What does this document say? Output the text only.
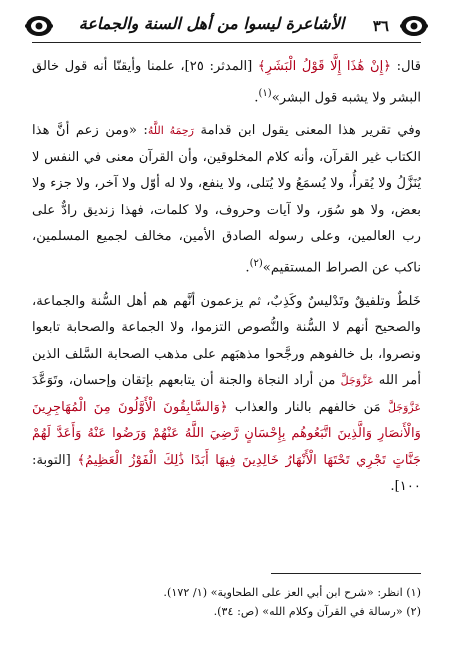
٣٦
الأشاعرة ليسوا من أهل السنة والجماعة

قال: ﴿إِنْ هَٰذَا إِلَّا قَوْلُ الْبَشَرِ﴾ [المدثر: ٢٥]، علمنا وأيقنّا أنه قول خالق البشر ولا يشبه قول البشر»$^{(١)}$.

وفي تقرير هذا المعنى يقول ابن قدامة رَحِمَهُ اللَّهُ: «ومن زعم أنَّ هذا الكتاب غير القرآن، وأنه كلام المخلوقين، وأن القرآن معنى في النفس لا يُنَزَّلُ ولا يُقرأُ، ولا يُسمَعُ ولا يُتلى، ولا ينفع، ولا له أوّل ولا آخر، ولا جزء ولا بعض، ولا هو سُوَر، ولا آيات وحروف، ولا كلمات، فهذا زنديق رادٌّ على رب العالمين، وعلى رسوله الصادق الأمين، مخالف لجميع المسلمين، ناكب عن الصراط المستقيم»$^{(٢)}$.

خَلطٌ وتلفيقٌ وتَدْليسٌ وكَذِبٌ، ثم يزعمون أنَّهم هم أهل السُّنة والجماعة، والصحيح أنهم لا السُّنة والنُّصوص التزموا، ولا الجماعة والصحابة تابعوا ونصروا، بل خالفوهم ورجَّحوا مذهبَهم على مذهب الصحابة السَّلف الذين أمر الله عَزَّوَجَلَّ من أراد النجاة والجنة أن يتابعهم بإتقان وإحسان، وتَوَعَّدَ عَزَّوَجَلَّ مَن خالفهم بالنار والعذاب ﴿وَالسَّابِقُونَ الْأَوَّلُونَ مِنَ الْمُهَاجِرِينَ وَالْأَنصَارِ وَالَّذِينَ اتَّبَعُوهُم بِإِحْسَانٍ رَّضِيَ اللَّهُ عَنْهُمْ وَرَضُوا عَنْهُ وَأَعَدَّ لَهُمْ جَنَّاتٍ تَجْرِي تَحْتَهَا الْأَنْهَارُ خَالِدِينَ فِيهَا أَبَدًا ذَٰلِكَ الْفَوْزُ الْعَظِيمُ﴾ [التوبة: ١٠٠].

(١) انظر: «شرح ابن أبي العز على الطحاوية» (١/ ١٧٢).

(٢) «رسالة في القرآن وكلام الله» (ص: ٣٤).
